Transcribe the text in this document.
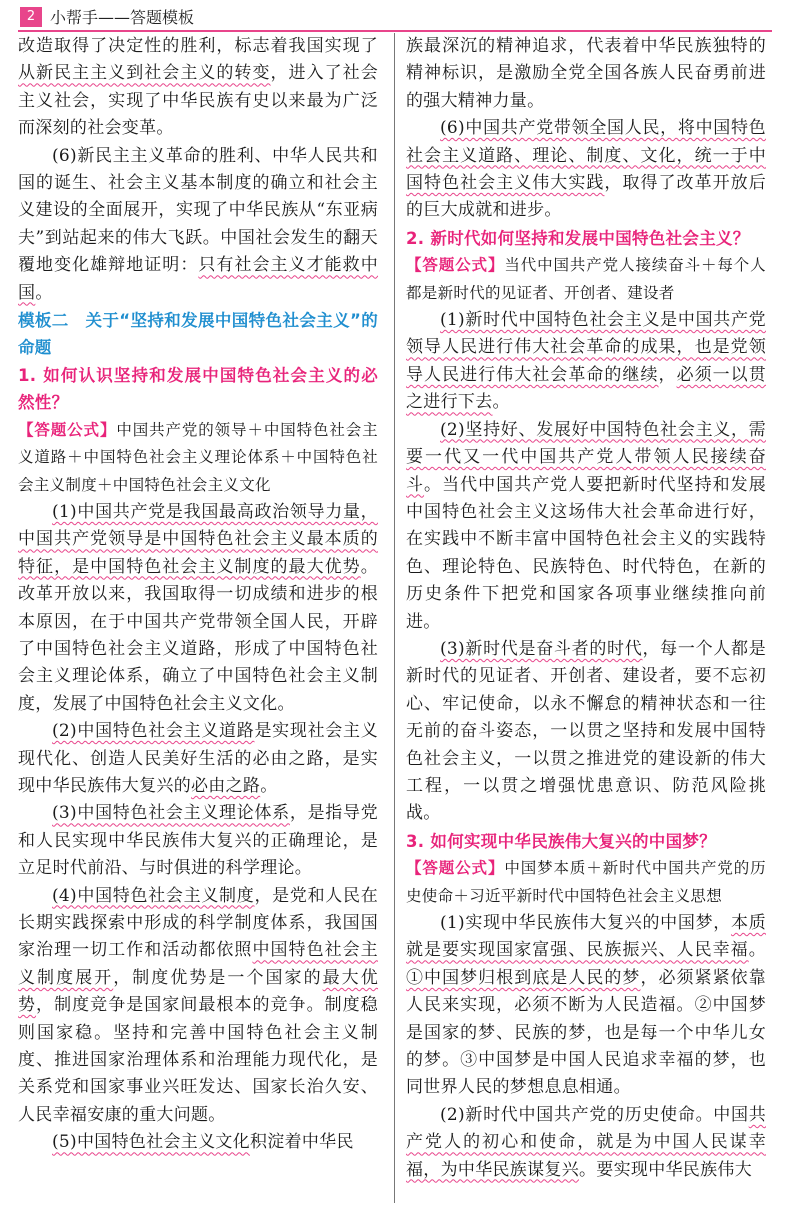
2 小帮手——答题模板

改造取得了决定性的胜利，标志着我国实现了从新民主主义到社会主义的转变，进入了社会主义社会，实现了中华民族有史以来最为广泛而深刻的社会变革。

(6)新民主主义革命的胜利、中华人民共和国的诞生、社会主义基本制度的确立和社会主义建设的全面展开，实现了中华民族从“东亚病夫”到站起来的伟大飞跃。中国社会发生的翻天覆地变化雄辩地证明：只有社会主义才能救中国。

模板二　关于“坚持和发展中国特色社会主义”的命题

1. 如何认识坚持和发展中国特色社会主义的必然性？

【答题公式】中国共产党的领导＋中国特色社会主义道路＋中国特色社会主义理论体系＋中国特色社会主义制度＋中国特色社会主义文化

(1)中国共产党是我国最高政治领导力量，中国共产党领导是中国特色社会主义最本质的特征，是中国特色社会主义制度的最大优势。改革开放以来，我国取得一切成绩和进步的根本原因，在于中国共产党带领全国人民，开辟了中国特色社会主义道路，形成了中国特色社会主义理论体系，确立了中国特色社会主义制度，发展了中国特色社会主义文化。

(2)中国特色社会主义道路是实现社会主义现代化、创造人民美好生活的必由之路，是实现中华民族伟大复兴的必由之路。

(3)中国特色社会主义理论体系，是指导党和人民实现中华民族伟大复兴的正确理论，是立足时代前沿、与时俱进的科学理论。

(4)中国特色社会主义制度，是党和人民在长期实践探索中形成的科学制度体系，我国国家治理一切工作和活动都依照中国特色社会主义制度展开，制度优势是一个国家的最大优势，制度竞争是国家间最根本的竞争。制度稳则国家稳。坚持和完善中国特色社会主义制度、推进国家治理体系和治理能力现代化，是关系党和国家事业兴旺发达、国家长治久安、人民幸福安康的重大问题。

(5)中国特色社会主义文化积淀着中华民

族最深沉的精神追求，代表着中华民族独特的精神标识，是激励全党全国各族人民奋勇前进的强大精神力量。

(6)中国共产党带领全国人民，将中国特色社会主义道路、理论、制度、文化，统一于中国特色社会主义伟大实践，取得了改革开放后的巨大成就和进步。

2. 新时代如何坚持和发展中国特色社会主义？

【答题公式】当代中国共产党人接续奋斗＋每个人都是新时代的见证者、开创者、建设者

(1)新时代中国特色社会主义是中国共产党领导人民进行伟大社会革命的成果，也是党领导人民进行伟大社会革命的继续，必须一以贯之进行下去。

(2)坚持好、发展好中国特色社会主义，需要一代又一代中国共产党人带领人民接续奋斗。当代中国共产党人要把新时代坚持和发展中国特色社会主义这场伟大社会革命进行好，在实践中不断丰富中国特色社会主义的实践特色、理论特色、民族特色、时代特色，在新的历史条件下把党和国家各项事业继续推向前进。

(3)新时代是奋斗者的时代，每一个人都是新时代的见证者、开创者、建设者，要不忘初心、牢记使命，以永不懈怠的精神状态和一往无前的奋斗姿态，一以贯之坚持和发展中国特色社会主义，一以贯之推进党的建设新的伟大工程，一以贯之增强忧患意识、防范风险挑战。

3. 如何实现中华民族伟大复兴的中国梦？

【答题公式】中国梦本质＋新时代中国共产党的历史使命＋习近平新时代中国特色社会主义思想

(1)实现中华民族伟大复兴的中国梦，本质就是要实现国家富强、民族振兴、人民幸福。①中国梦归根到底是人民的梦，必须紧紧依靠人民来实现，必须不断为人民造福。②中国梦是国家的梦、民族的梦，也是每一个中华儿女的梦。③中国梦是中国人民追求幸福的梦，也同世界人民的梦想息息相通。

(2)新时代中国共产党的历史使命。中国共产党人的初心和使命，就是为中国人民谋幸福，为中华民族谋复兴。要实现中华民族伟大
